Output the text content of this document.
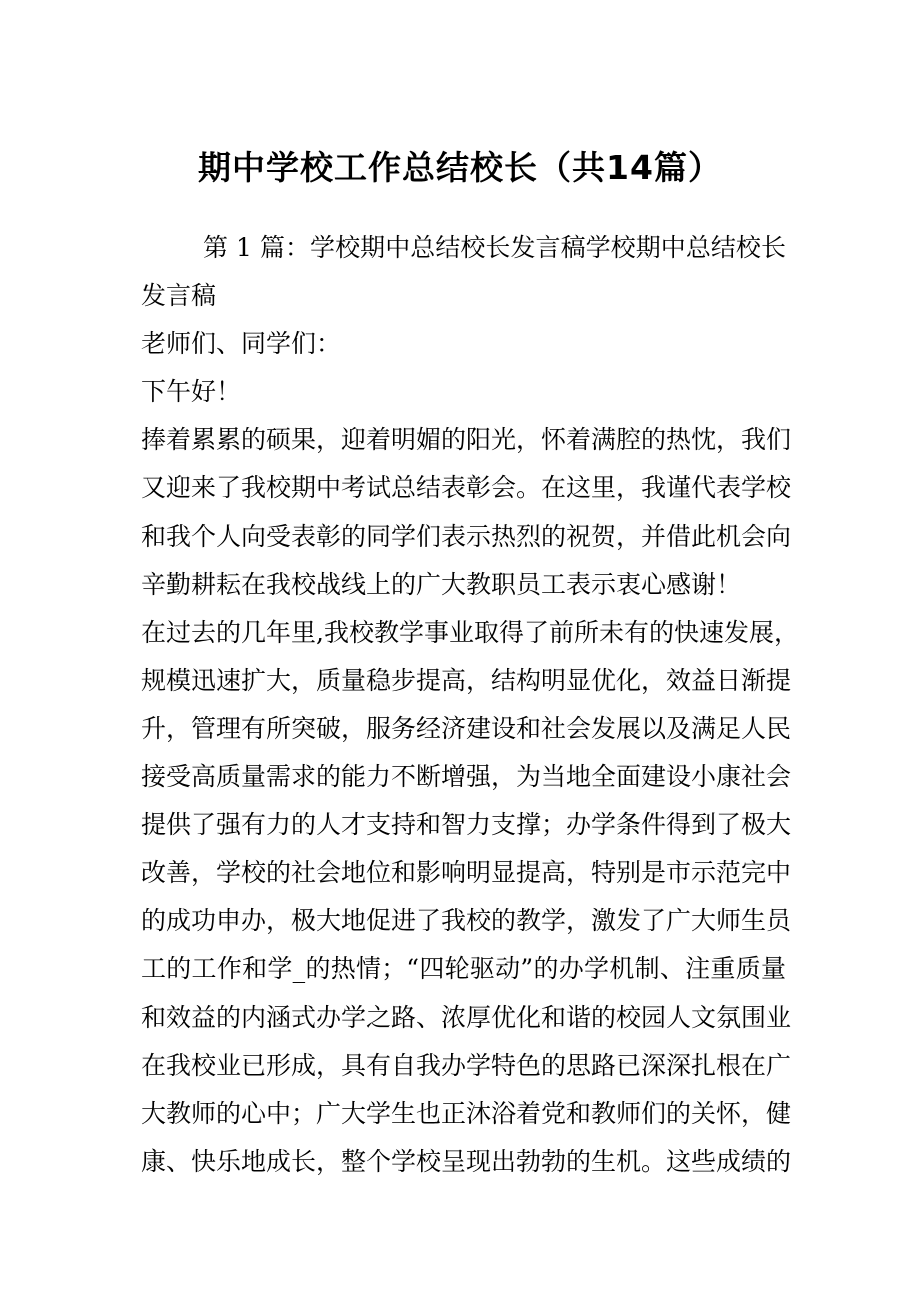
期中学校工作总结校长（共14篇）
第 1 篇：学校期中总结校长发言稿学校期中总结校长
发言稿
老师们、同学们：
下午好！
捧着累累的硕果，迎着明媚的阳光，怀着满腔的热忱，我们
又迎来了我校期中考试总结表彰会。在这里，我谨代表学校
和我个人向受表彰的同学们表示热烈的祝贺，并借此机会向
辛勤耕耘在我校战线上的广大教职员工表示衷心感谢！
在过去的几年里,我校教学事业取得了前所未有的快速发展，
规模迅速扩大，质量稳步提高，结构明显优化，效益日渐提
升，管理有所突破，服务经济建设和社会发展以及满足人民
接受高质量需求的能力不断增强，为当地全面建设小康社会
提供了强有力的人才支持和智力支撑；办学条件得到了极大
改善，学校的社会地位和影响明显提高，特别是市示范完中
的成功申办，极大地促进了我校的教学，激发了广大师生员
工的工作和学_的热情；“四轮驱动”的办学机制、注重质量
和效益的内涵式办学之路、浓厚优化和谐的校园人文氛围业
在我校业已形成，具有自我办学特色的思路已深深扎根在广
大教师的心中；广大学生也正沐浴着党和教师们的关怀，健
康、快乐地成长，整个学校呈现出勃勃的生机。这些成绩的
